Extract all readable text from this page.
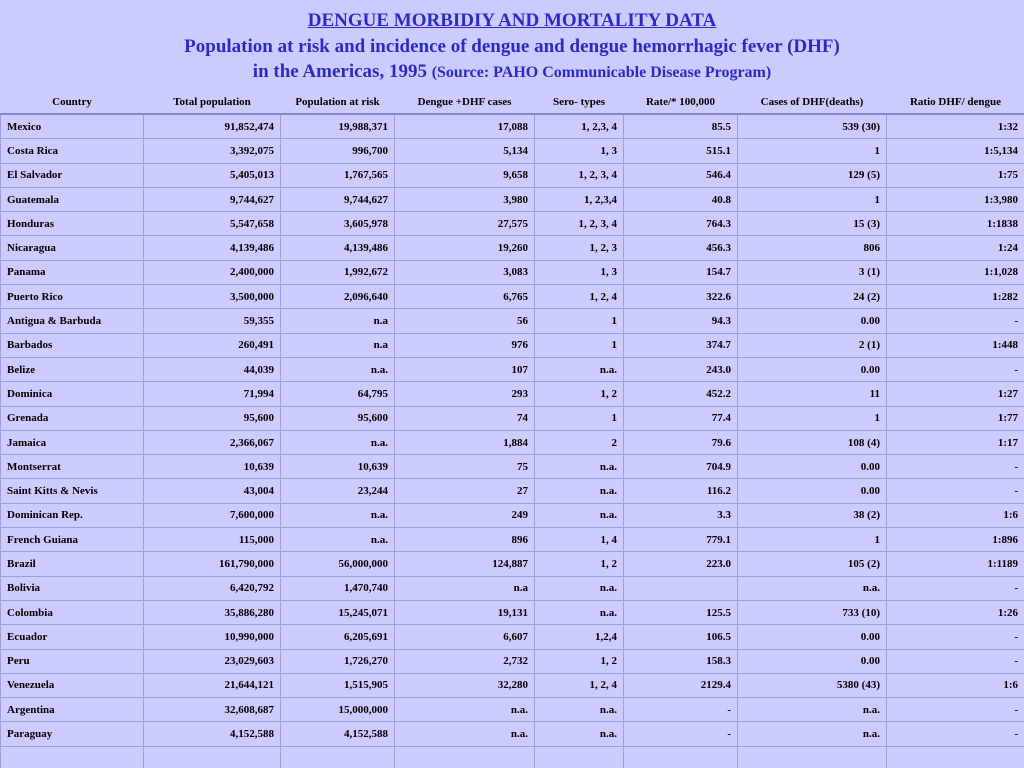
DENGUE MORBIDIY AND MORTALITY DATA
Population at risk and incidence of dengue and dengue hemorrhagic fever (DHF)
in the Americas, 1995 (Source: PAHO Communicable Disease Program)
Country	Total population	Population at risk	Dengue +DHF cases	Sero- types	Rate/* 100,000	Cases of DHF(deaths)	Ratio DHF/ dengue
Mexico	91,852,474	19,988,371	17,088	1, 2,3, 4	85.5	539 (30)	1:32
Costa Rica	3,392,075	996,700	5,134	1, 3	515.1	1	1:5,134
El Salvador	5,405,013	1,767,565	9,658	1, 2, 3, 4	546.4	129 (5)	1:75
Guatemala	9,744,627	9,744,627	3,980	1, 2,3,4	40.8	1	1:3,980
Honduras	5,547,658	3,605,978	27,575	1, 2, 3, 4	764.3	15 (3)	1:1838
Nicaragua	4,139,486	4,139,486	19,260	1, 2, 3	456.3	806	1:24
Panama	2,400,000	1,992,672	3,083	1, 3	154.7	3 (1)	1:1,028
Puerto Rico	3,500,000	2,096,640	6,765	1, 2, 4	322.6	24 (2)	1:282
Antigua & Barbuda	59,355	n.a	56	1	94.3	0.00	-
Barbados	260,491	n.a	976	1	374.7	2 (1)	1:448
Belize	44,039	n.a.	107	n.a.	243.0	0.00	-
Dominica	71,994	64,795	293	1, 2	452.2	11	1:27
Grenada	95,600	95,600	74	1	77.4	1	1:77
Jamaica	2,366,067	n.a.	1,884	2	79.6	108 (4)	1:17
Montserrat	10,639	10,639	75	n.a.	704.9	0.00	-
Saint Kitts & Nevis	43,004	23,244	27	n.a.	116.2	0.00	-
Dominican Rep.	7,600,000	n.a.	249	n.a.	3.3	38 (2)	1:6
French Guiana	115,000	n.a.	896	1, 4	779.1	1	1:896
Brazil	161,790,000	56,000,000	124,887	1, 2	223.0	105 (2)	1:1189
Bolivia	6,420,792	1,470,740	n.a	n.a.		n.a.	-
Colombia	35,886,280	15,245,071	19,131	n.a.	125.5	733 (10)	1:26
Ecuador	10,990,000	6,205,691	6,607	1,2,4	106.5	0.00	-
Peru	23,029,603	1,726,270	2,732	1, 2	158.3	0.00	-
Venezuela	21,644,121	1,515,905	32,280	1, 2, 4	2129.4	5380 (43)	1:6
Argentina	32,608,687	15,000,000	n.a.	n.a.	-	n.a.	-
Paraguay	4,152,588	4,152,588	n.a.	n.a.	-	n.a.	-
